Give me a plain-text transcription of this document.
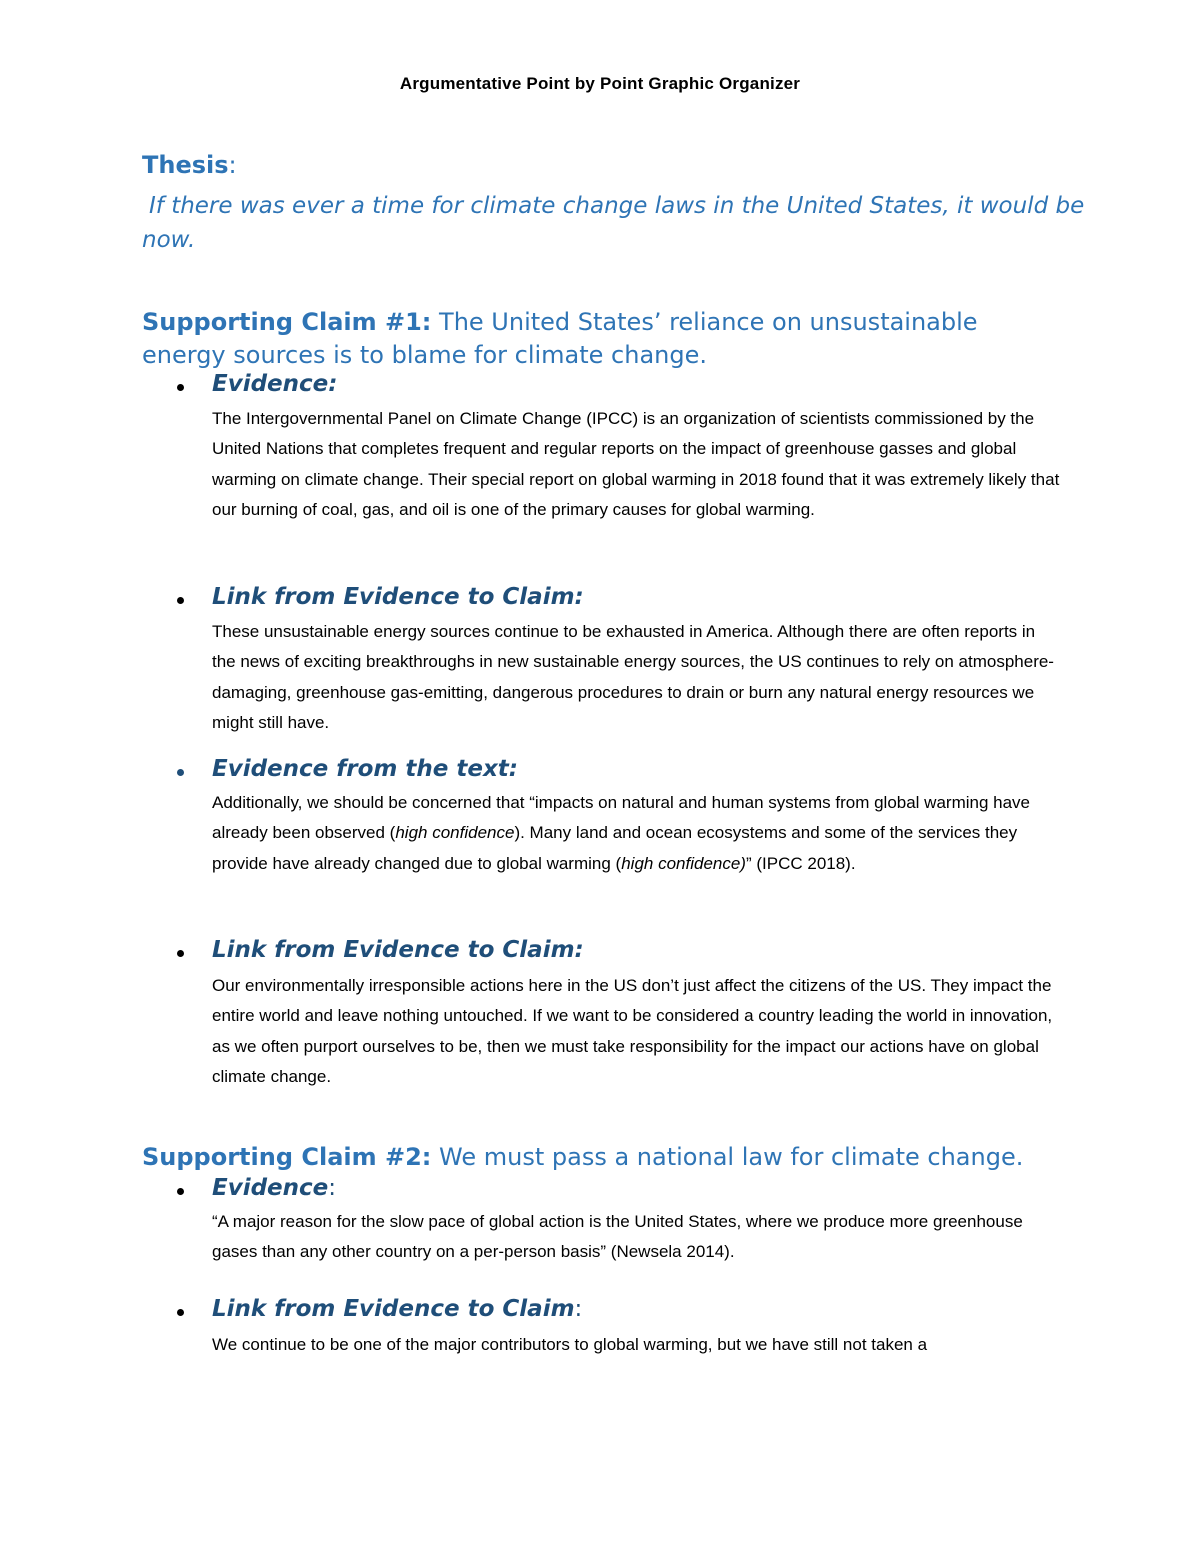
Argumentative Point by Point Graphic Organizer
Thesis:
If there was ever a time for climate change laws in the United States, it would be now.
Supporting Claim #1: The United States’ reliance on unsustainable energy sources is to blame for climate change.
Evidence:
The Intergovernmental Panel on Climate Change (IPCC) is an organization of scientists commissioned by the United Nations that completes frequent and regular reports on the impact of greenhouse gasses and global warming on climate change. Their special report on global warming in 2018 found that it was extremely likely that our burning of coal, gas, and oil is one of the primary causes for global warming.
Link from Evidence to Claim:
These unsustainable energy sources continue to be exhausted in America. Although there are often reports in the news of exciting breakthroughs in new sustainable energy sources, the US continues to rely on atmosphere-damaging, greenhouse gas-emitting, dangerous procedures to drain or burn any natural energy resources we might still have.
Evidence from the text:
Additionally, we should be concerned that “impacts on natural and human systems from global warming have already been observed (high confidence). Many land and ocean ecosystems and some of the services they provide have already changed due to global warming (high confidence)” (IPCC 2018).
Link from Evidence to Claim:
Our environmentally irresponsible actions here in the US don’t just affect the citizens of the US. They impact the entire world and leave nothing untouched. If we want to be considered a country leading the world in innovation, as we often purport ourselves to be, then we must take responsibility for the impact our actions have on global climate change.
Supporting Claim #2: We must pass a national law for climate change.
Evidence:
“A major reason for the slow pace of global action is the United States, where we produce more greenhouse gases than any other country on a per-person basis” (Newsela 2014).
Link from Evidence to Claim:
We continue to be one of the major contributors to global warming, but we have still not taken a
